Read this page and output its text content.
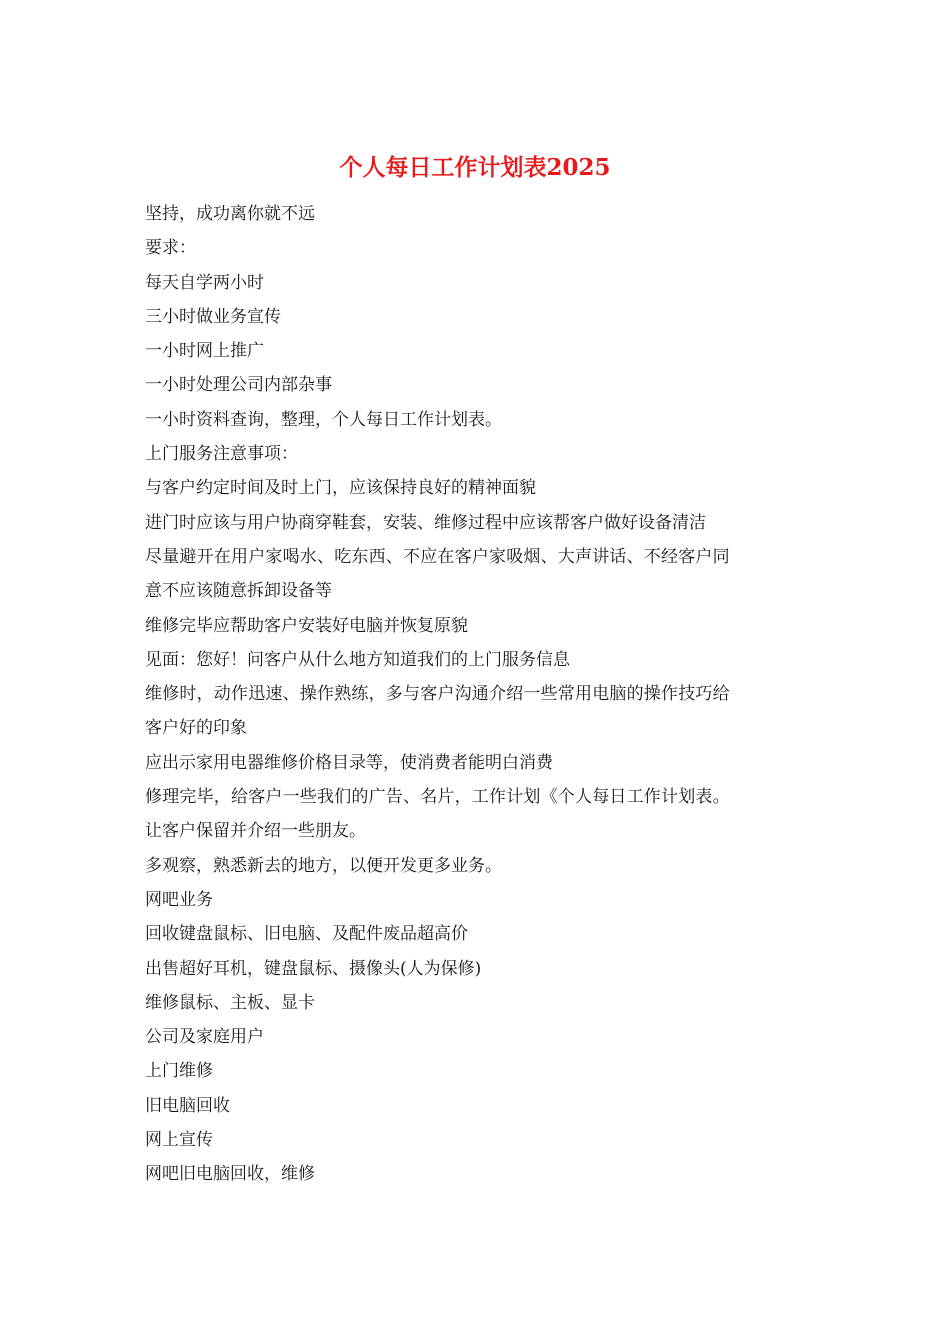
个人每日工作计划表2025

坚持，成功离你就不远

要求：

每天自学两小时

三小时做业务宣传

一小时网上推广

一小时处理公司内部杂事

一小时资料查询，整理，个人每日工作计划表。

上门服务注意事项：

与客户约定时间及时上门，应该保持良好的精神面貌

进门时应该与用户协商穿鞋套，安装、维修过程中应该帮客户做好设备清洁

尽量避开在用户家喝水、吃东西、不应在客户家吸烟、大声讲话、不经客户同

意不应该随意拆卸设备等

维修完毕应帮助客户安装好电脑并恢复原貌

见面：您好！问客户从什么地方知道我们的上门服务信息

维修时，动作迅速、操作熟练，多与客户沟通介绍一些常用电脑的操作技巧给

客户好的印象

应出示家用电器维修价格目录等，使消费者能明白消费

修理完毕，给客户一些我们的广告、名片，工作计划《个人每日工作计划表。

让客户保留并介绍一些朋友。

多观察，熟悉新去的地方，以便开发更多业务。

网吧业务

回收键盘鼠标、旧电脑、及配件废品超高价

出售超好耳机，键盘鼠标、摄像头(人为保修)

维修鼠标、主板、显卡

公司及家庭用户

上门维修

旧电脑回收

网上宣传

网吧旧电脑回收，维修
